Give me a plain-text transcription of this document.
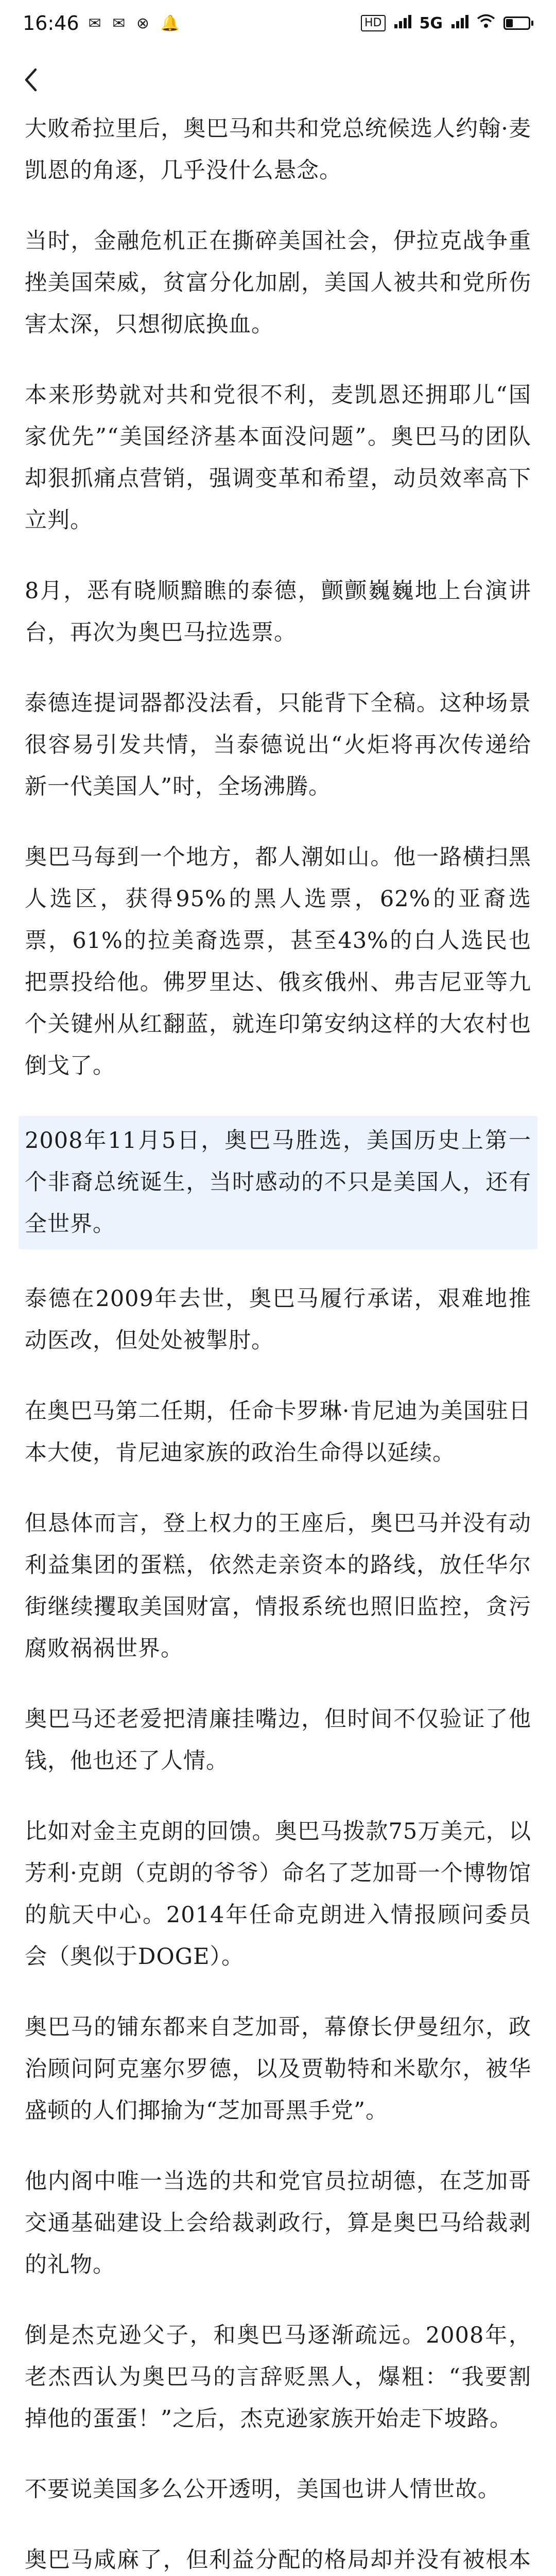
16:46 ✉ ✉ ⊗ 🔔	HD 5G

大败希拉里后，奥巴马和共和党总统候选人约翰·麦凯恩的角逐，几乎没什么悬念。

当时，金融危机正在撕碎美国社会，伊拉克战争重挫美国荣威，贫富分化加剧，美国人被共和党所伤害太深，只想彻底换血。

本来形势就对共和党很不利，麦凯恩还拥耶儿“国家优先”“美国经济基本面没问题”。奥巴马的团队却狠抓痛点营销，强调变革和希望，动员效率高下立判。

8月，恶有晓顺黯瞧的泰德，颤颤巍巍地上台演讲台，再次为奥巴马拉选票。

泰德连提词器都没法看，只能背下全稿。这种场景很容易引发共情，当泰德说出“火炬将再次传递给新一代美国人”时，全场沸腾。

奥巴马每到一个地方，都人潮如山。他一路横扫黑人选区，获得95%的黑人选票，62%的亚裔选票，61%的拉美裔选票，甚至43%的白人选民也把票投给他。佛罗里达、俄亥俄州、弗吉尼亚等九个关键州从红翻蓝，就连印第安纳这样的大农村也倒戈了。

2008年11月5日，奥巴马胜选，美国历史上第一个非裔总统诞生，当时感动的不只是美国人，还有全世界。

泰德在2009年去世，奥巴马履行承诺，艰难地推动医改，但处处被掣肘。

在奥巴马第二任期，任命卡罗琳·肯尼迪为美国驻日本大使，肯尼迪家族的政治生命得以延续。

但恳体而言，登上权力的王座后，奥巴马并没有动利益集团的蛋糕，依然走亲资本的路线，放任华尔街继续攫取美国财富，情报系统也照旧监控，贪污腐败祸祸世界。

奥巴马还老爱把清廉挂嘴边，但时间不仅验证了他钱，他也还了人情。

比如对金主克朗的回馈。奥巴马拨款75万美元，以芳利·克朗（克朗的爷爷）命名了芝加哥一个博物馆的航天中心。2014年任命克朗进入情报顾问委员会（奥似于DOGE）。

奥巴马的铺东都来自芝加哥，幕僚长伊曼纽尔，政治顾问阿克塞尔罗德，以及贾勒特和米歇尔，被华盛顿的人们揶揄为“芝加哥黑手党”。

他内阁中唯一当选的共和党官员拉胡德，在芝加哥交通基础建设上会给裁剥政行，算是奥巴马给裁剥的礼物。

倒是杰克逊父子，和奥巴马逐渐疏远。2008年，老杰西认为奥巴马的言辞贬黑人，爆粗：“我要割掉他的蛋蛋！”之后，杰克逊家族开始走下坡路。

不要说美国多么公开透明，美国也讲人情世故。

奥巴马咸麻了，但利益分配的格局却并没有被根本
